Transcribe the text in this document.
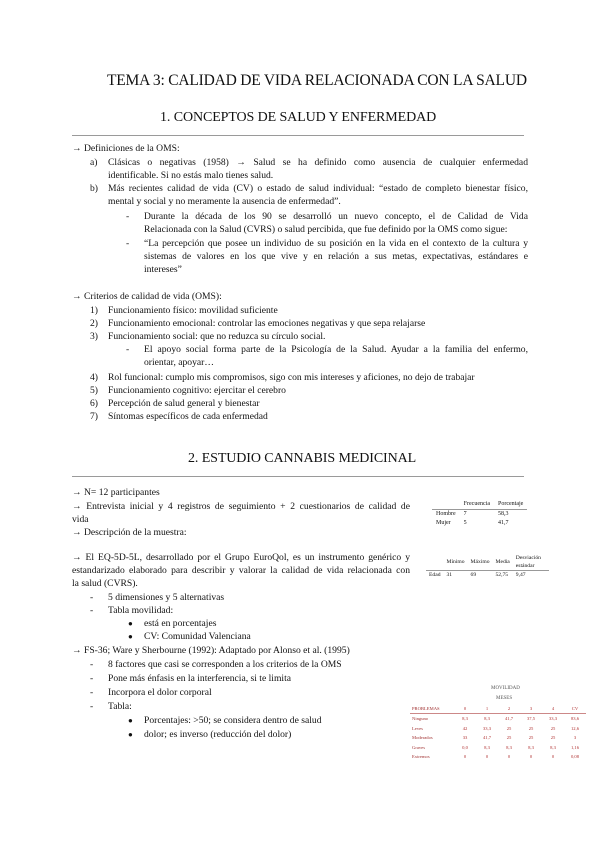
TEMA 3: CALIDAD DE VIDA RELACIONADA CON LA SALUD
1. CONCEPTOS DE SALUD Y ENFERMEDAD
→ Definiciones de la OMS:
a) Clásicas o negativas (1958) → Salud se ha definido como ausencia de cualquier enfermedad
identificable. Si no estás malo tienes salud.
b) Más recientes calidad de vida (CV) o estado de salud individual: “estado de completo bienestar físico,
mental y social y no meramente la ausencia de enfermedad”.
- Durante la década de los 90 se desarrolló un nuevo concepto, el de Calidad de Vida
Relacionada con la Salud (CVRS) o salud percibida, que fue definido por la OMS como sigue:
- “La percepción que posee un individuo de su posición en la vida en el contexto de la cultura y
sistemas de valores en los que vive y en relación a sus metas, expectativas, estándares e
intereses”
→ Criterios de calidad de vida (OMS):
1) Funcionamiento físico: movilidad suficiente
2) Funcionamiento emocional: controlar las emociones negativas y que sepa relajarse
3) Funcionamiento social: que no reduzca su círculo social.
- El apoyo social forma parte de la Psicología de la Salud. Ayudar a la familia del enfermo,
orientar, apoyar…
4) Rol funcional: cumplo mis compromisos, sigo con mis intereses y aficiones, no dejo de trabajar
5) Funcionamiento cognitivo: ejercitar el cerebro
6) Percepción de salud general y bienestar
7) Síntomas específicos de cada enfermedad
2. ESTUDIO CANNABIS MEDICINAL
→ N= 12 participantes
→ Entrevista inicial y 4 registros de seguimiento + 2 cuestionarios de calidad de
vida
→ Descripción de la muestra:
	Frecuencia	Porcentaje
Hombre	7	58,3
Mujer	5	41,7
→ El EQ-5D-5L, desarrollado por el Grupo EuroQol, es un instrumento genérico y
estandarizado elaborado para describir y valorar la calidad de vida relacionada con
la salud (CVRS).
	Mínimo	Máximo	Media	Desviación estándar
Edad	31	69	52,75	9,47
- 5 dimensiones y 5 alternativas
- Tabla movilidad:
● está en porcentajes
● CV: Comunidad Valenciana
→ FS-36; Ware y Sherbourne (1992): Adaptado por Alonso et al. (1995)
- 8 factores que casi se corresponden a los criterios de la OMS
- Pone más énfasis en la interferencia, si te limita
- Incorpora el dolor corporal
- Tabla:
● Porcentajes: >50; se considera dentro de salud
● dolor; es inverso (reducción del dolor)
MOVILIDAD
MESES
PROBLEMAS	0	1	2	3	4	CV
Ninguno	8,3	8,3	41,7	37,5	33,3	83,6
Leves	42	33,3	25	25	25	12,6
Moderados	33	41,7	25	25	25	3
Graves	0,0	8,3	8,3	8,3	8,3	1,16
Extremos	0	0	0	0	0	0,08
